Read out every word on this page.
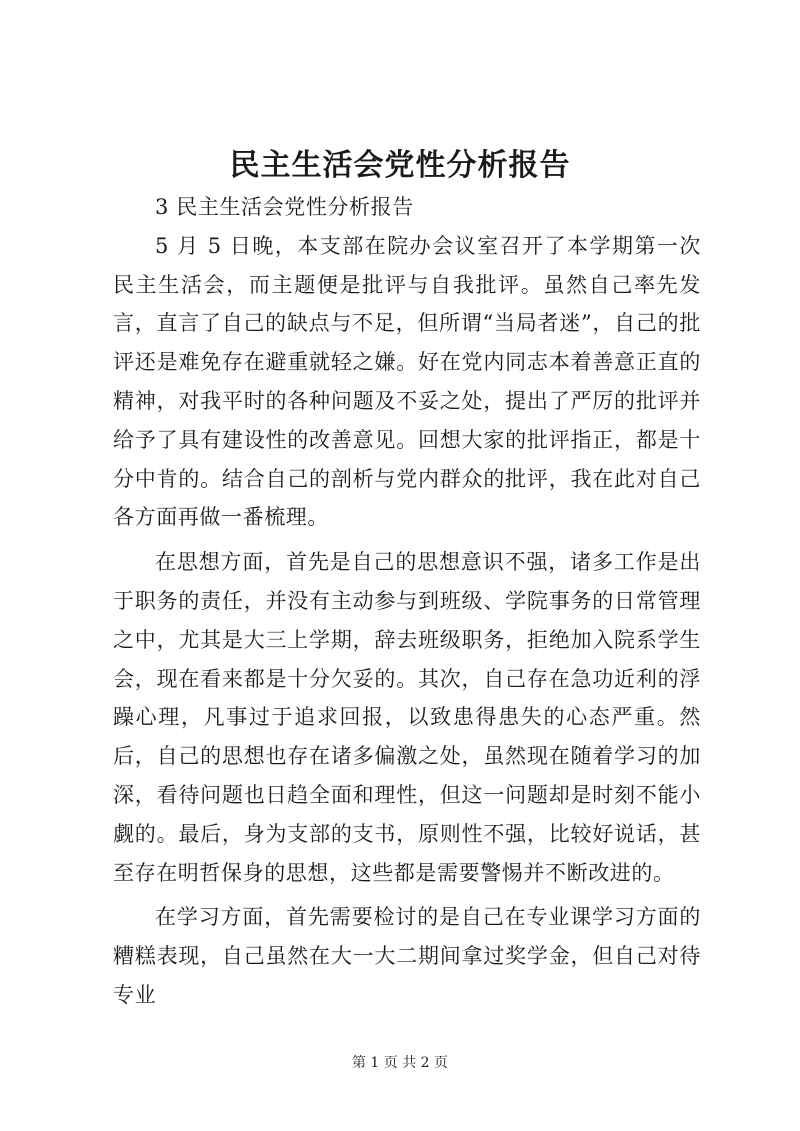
民主生活会党性分析报告

3 民主生活会党性分析报告

5 月 5 日晚，本支部在院办会议室召开了本学期第一次民主生活会，而主题便是批评与自我批评。虽然自己率先发言，直言了自己的缺点与不足，但所谓“当局者迷”，自己的批评还是难免存在避重就轻之嫌。好在党内同志本着善意正直的精神，对我平时的各种问题及不妥之处，提出了严厉的批评并给予了具有建设性的改善意见。回想大家的批评指正，都是十分中肯的。结合自己的剖析与党内群众的批评，我在此对自己各方面再做一番梳理。

在思想方面，首先是自己的思想意识不强，诸多工作是出于职务的责任，并没有主动参与到班级、学院事务的日常管理之中，尤其是大三上学期，辞去班级职务，拒绝加入院系学生会，现在看来都是十分欠妥的。其次，自己存在急功近利的浮躁心理，凡事过于追求回报，以致患得患失的心态严重。然后，自己的思想也存在诸多偏激之处，虽然现在随着学习的加深，看待问题也日趋全面和理性，但这一问题却是时刻不能小觑的。最后，身为支部的支书，原则性不强，比较好说话，甚至存在明哲保身的思想，这些都是需要警惕并不断改进的。

在学习方面，首先需要检讨的是自己在专业课学习方面的糟糕表现，自己虽然在大一大二期间拿过奖学金，但自己对待专业

第 1 页 共 2 页
